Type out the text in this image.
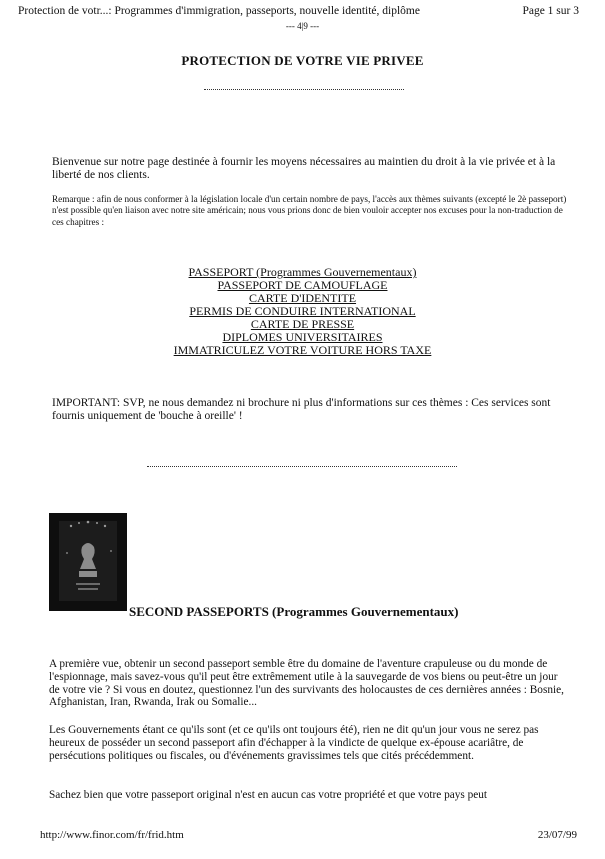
Protection de votr...: Programmes d'immigration, passeports, nouvelle identité, diplôme	Page 1 sur 3
--- 4|9 ---
PROTECTION DE VOTRE VIE PRIVEE
Bienvenue sur notre page destinée à fournir les moyens nécessaires au maintien du droit à la vie privée et à la liberté de nos clients.
Remarque : afin de nous conformer à la législation locale d'un certain nombre de pays, l'accès aux thèmes suivants (excepté le 2è passeport) n'est possible qu'en liaison avec notre site américain; nous vous prions donc de bien vouloir accepter nos excuses pour la non-traduction de ces chapitres :
PASSEPORT (Programmes Gouvernementaux)
PASSEPORT DE CAMOUFLAGE
CARTE D'IDENTITE
PERMIS DE CONDUIRE INTERNATIONAL
CARTE DE PRESSE
DIPLOMES UNIVERSITAIRES
IMMATRICULEZ VOTRE VOITURE HORS TAXE
IMPORTANT: SVP, ne nous demandez ni brochure ni plus d'informations sur ces thèmes : Ces services sont fournis uniquement de 'bouche à oreille' !
SECOND PASSEPORTS (Programmes Gouvernementaux)
A première vue, obtenir un second passeport semble être du domaine de l'aventure crapuleuse ou du monde de l'espionnage, mais savez-vous qu'il peut être extrêmement utile à la sauvegarde de vos biens ou peut-être un jour de votre vie ? Si vous en doutez, questionnez l'un des survivants des holocaustes de ces dernières années : Bosnie, Afghanistan, Iran, Rwanda, Irak ou Somalie...
Les Gouvernements étant ce qu'ils sont (et ce qu'ils ont toujours été), rien ne dit qu'un jour vous ne serez pas heureux de posséder un second passeport afin d'échapper à la vindicte de quelque ex-épouse acariâtre, de persécutions politiques ou fiscales, ou d'événements gravissimes tels que cités précédemment.
Sachez bien que votre passeport original n'est en aucun cas votre propriété et que votre pays peut
http://www.finor.com/fr/frid.htm	23/07/99
